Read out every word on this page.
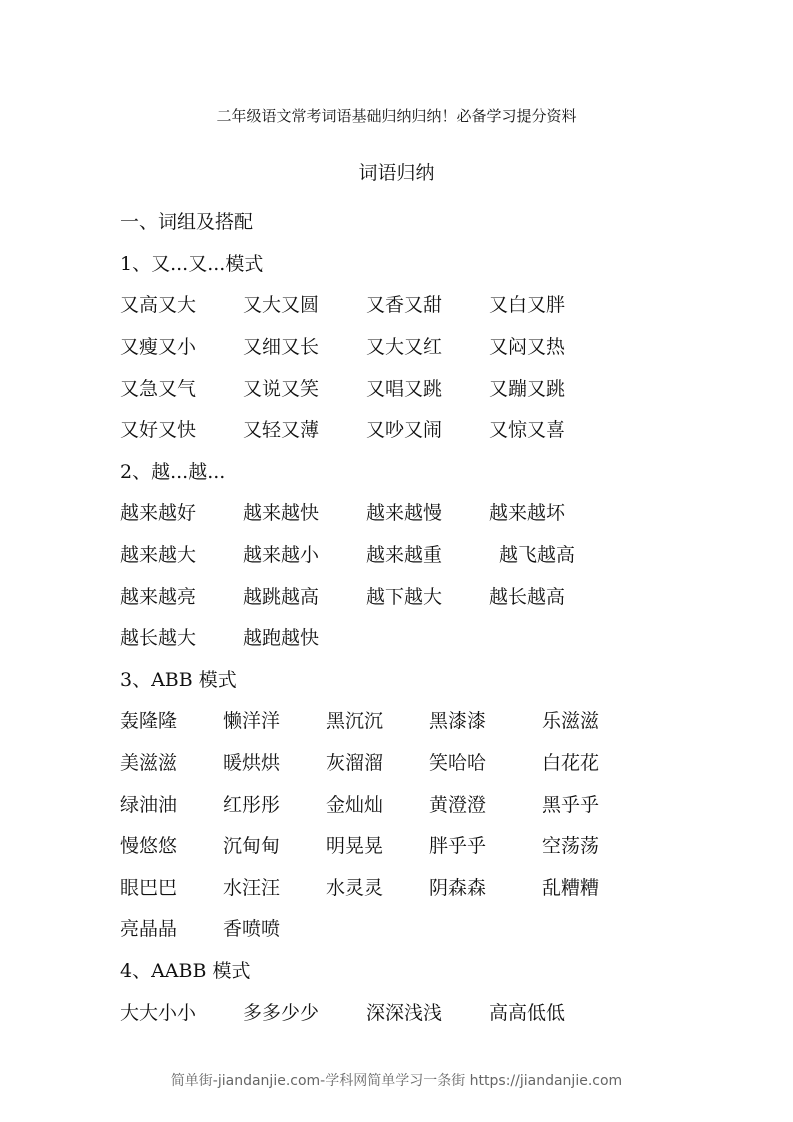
二年级语文常考词语基础归纳归纳！必备学习提分资料
词语归纳
一、词组及搭配
1、又...又...模式
又高又大	又大又圆	又香又甜	又白又胖
又瘦又小	又细又长	又大又红	又闷又热
又急又气	又说又笑	又唱又跳	又蹦又跳
又好又快	又轻又薄	又吵又闹	又惊又喜
2、越...越...
越来越好	越来越快	越来越慢	越来越坏
越来越大	越来越小	越来越重	越飞越高
越来越亮	越跳越高	越下越大	越长越高
越长越大	越跑越快
3、ABB 模式
轰隆隆	懒洋洋	黑沉沉	黑漆漆	乐滋滋
美滋滋	暖烘烘	灰溜溜	笑哈哈	白花花
绿油油	红彤彤	金灿灿	黄澄澄	黑乎乎
慢悠悠	沉甸甸	明晃晃	胖乎乎	空荡荡
眼巴巴	水汪汪	水灵灵	阴森森	乱糟糟
亮晶晶	香喷喷
4、AABB 模式
大大小小	多多少少	深深浅浅	高高低低
简单街-jiandanjie.com-学科网简单学习一条街 https://jiandanjie.com
